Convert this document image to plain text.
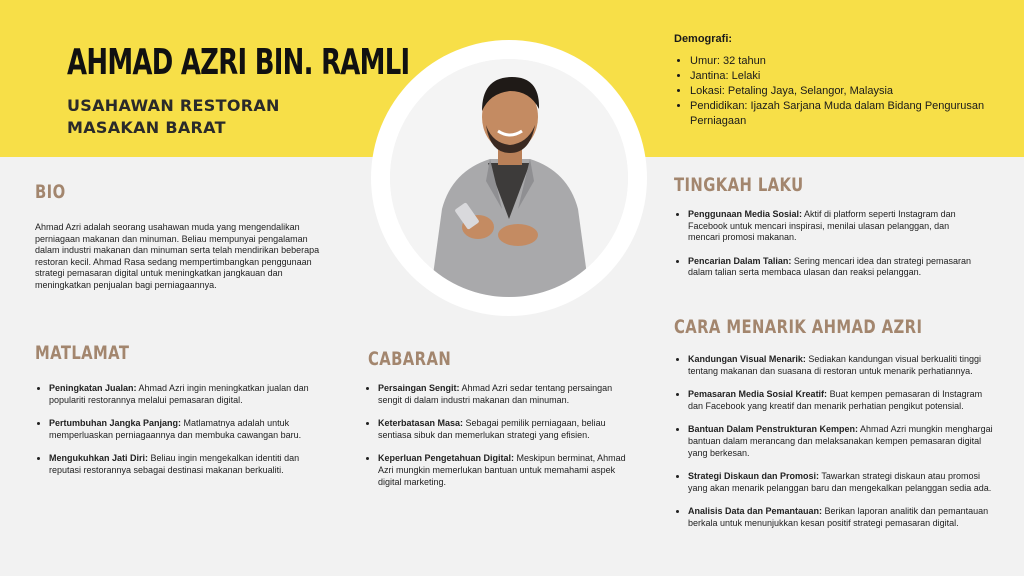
AHMAD AZRI BIN. RAMLI
USAHAWAN RESTORAN
MASAKAN BARAT
Demografi:
• Umur: 32 tahun
• Jantina: Lelaki
• Lokasi: Petaling Jaya, Selangor, Malaysia
• Pendidikan: Ijazah Sarjana Muda dalam Bidang Pengurusan Perniagaan
BIO
Ahmad Azri adalah seorang usahawan muda yang mengendalikan perniagaan makanan dan minuman. Beliau mempunyai pengalaman dalam industri makanan dan minuman serta telah mendirikan beberapa restoran kecil. Ahmad Rasa sedang mempertimbangkan penggunaan strategi pemasaran digital untuk meningkatkan jangkauan dan meningkatkan penjualan bagi perniagaannya.
MATLAMAT
• Peningkatan Jualan: Ahmad Azri ingin meningkatkan jualan dan populariti restorannya melalui pemasaran digital.
• Pertumbuhan Jangka Panjang: Matlamatnya adalah untuk memperluaskan perniagaannya dan membuka cawangan baru.
• Mengukuhkan Jati Diri: Beliau ingin mengekalkan identiti dan reputasi restorannya sebagai destinasi makanan berkualiti.
CABARAN
• Persaingan Sengit: Ahmad Azri sedar tentang persaingan sengit di dalam industri makanan dan minuman.
• Keterbatasan Masa: Sebagai pemilik perniagaan, beliau sentiasa sibuk dan memerlukan strategi yang efisien.
• Keperluan Pengetahuan Digital: Meskipun berminat, Ahmad Azri mungkin memerlukan bantuan untuk memahami aspek digital marketing.
TINGKAH LAKU
• Penggunaan Media Sosial: Aktif di platform seperti Instagram dan Facebook untuk mencari inspirasi, menilai ulasan pelanggan, dan mencari promosi makanan.
• Pencarian Dalam Talian: Sering mencari idea dan strategi pemasaran dalam talian serta membaca ulasan dan reaksi pelanggan.
CARA MENARIK AHMAD AZRI
• Kandungan Visual Menarik: Sediakan kandungan visual berkualiti tinggi tentang makanan dan suasana di restoran untuk menarik perhatiannya.
• Pemasaran Media Sosial Kreatif: Buat kempen pemasaran di Instagram dan Facebook yang kreatif dan menarik perhatian pengikut potensial.
• Bantuan Dalam Penstrukturan Kempen: Ahmad Azri mungkin menghargai bantuan dalam merancang dan melaksanakan kempen pemasaran digital yang berkesan.
• Strategi Diskaun dan Promosi: Tawarkan strategi diskaun atau promosi yang akan menarik pelanggan baru dan mengekalkan pelanggan sedia ada.
• Analisis Data dan Pemantauan: Berikan laporan analitik dan pemantauan berkala untuk menunjukkan kesan positif strategi pemasaran digital.
